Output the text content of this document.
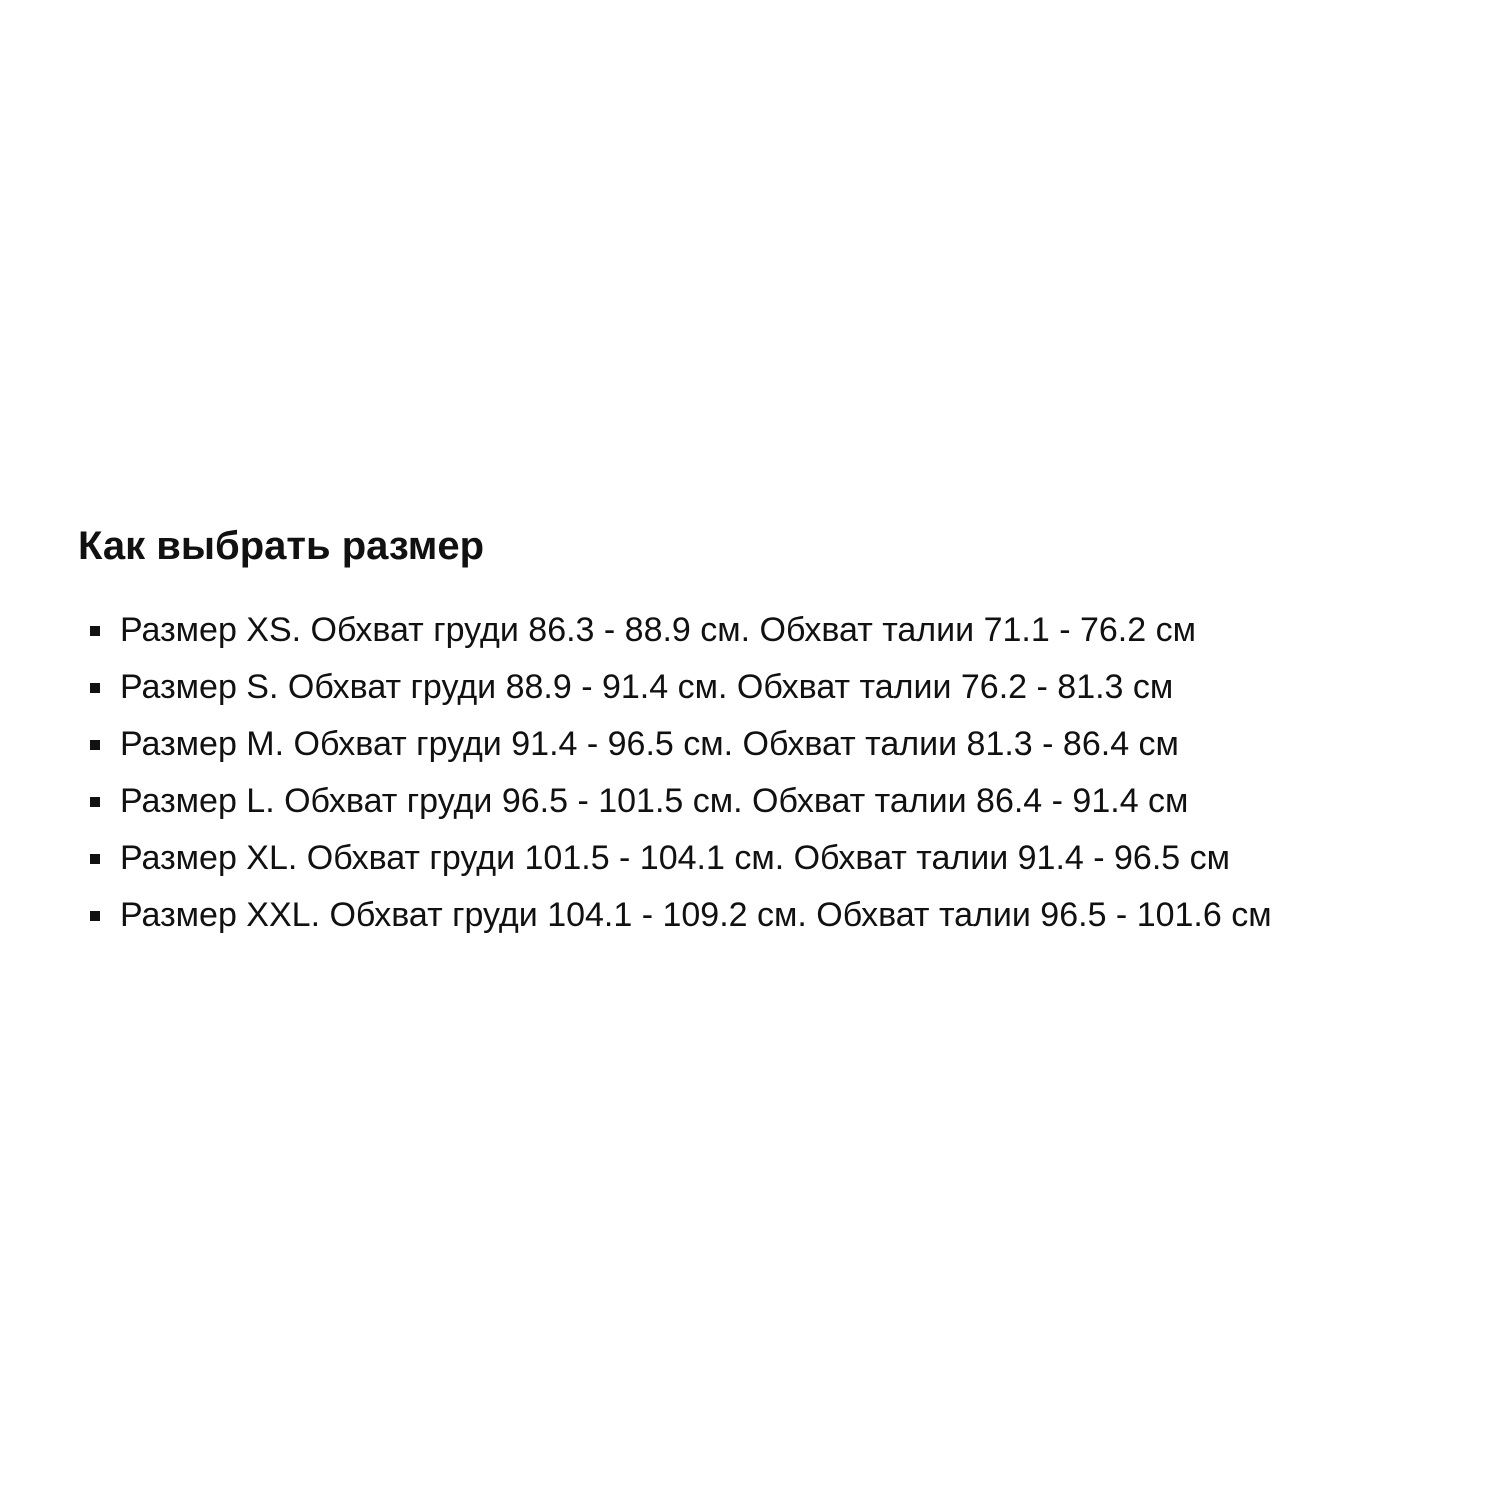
Как выбрать размер
Размер XS. Обхват груди 86.3 - 88.9 см. Обхват талии 71.1 - 76.2 см
Размер S. Обхват груди 88.9 - 91.4 см. Обхват талии 76.2 - 81.3 см
Размер M. Обхват груди 91.4 - 96.5 см. Обхват талии 81.3 - 86.4 см
Размер L. Обхват груди 96.5 - 101.5 см. Обхват талии 86.4 - 91.4 см
Размер XL. Обхват груди 101.5 - 104.1 см. Обхват талии 91.4 - 96.5 см
Размер XXL. Обхват груди 104.1 - 109.2 см. Обхват талии 96.5 - 101.6 см
